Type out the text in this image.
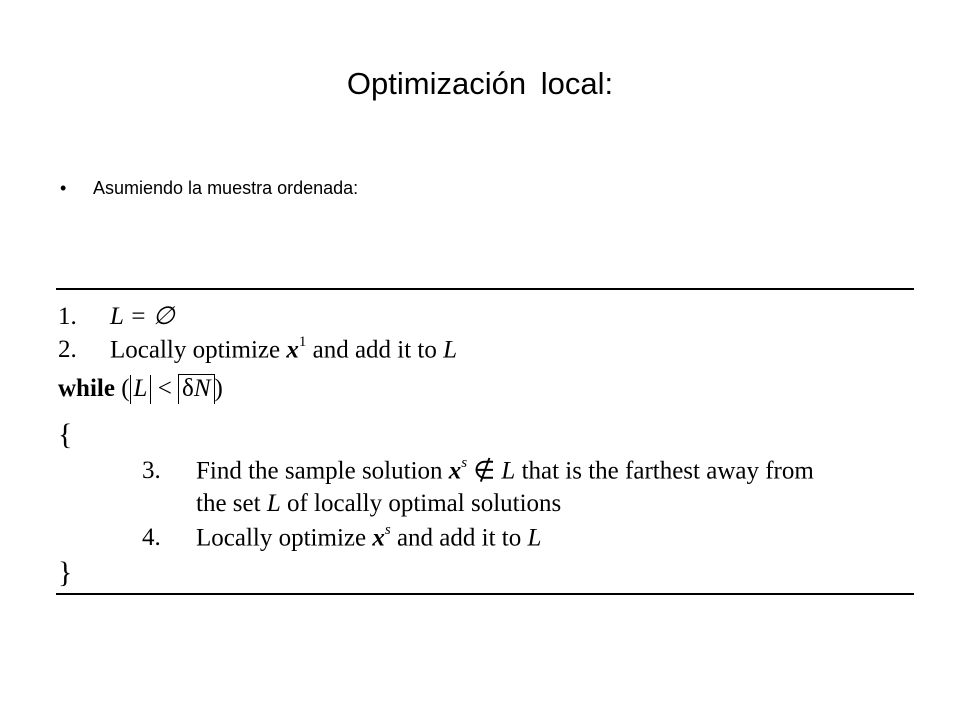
Optimización local:
• Asumiendo la muestra ordenada:
1. L = ∅
2. Locally optimize $x^1$ and add it to L
while ( L < δN )
{
3. Find the sample solution $x^s$ ∉ L that is the farthest away from
the set L of locally optimal solutions
4. Locally optimize $x^s$ and add it to L
}
